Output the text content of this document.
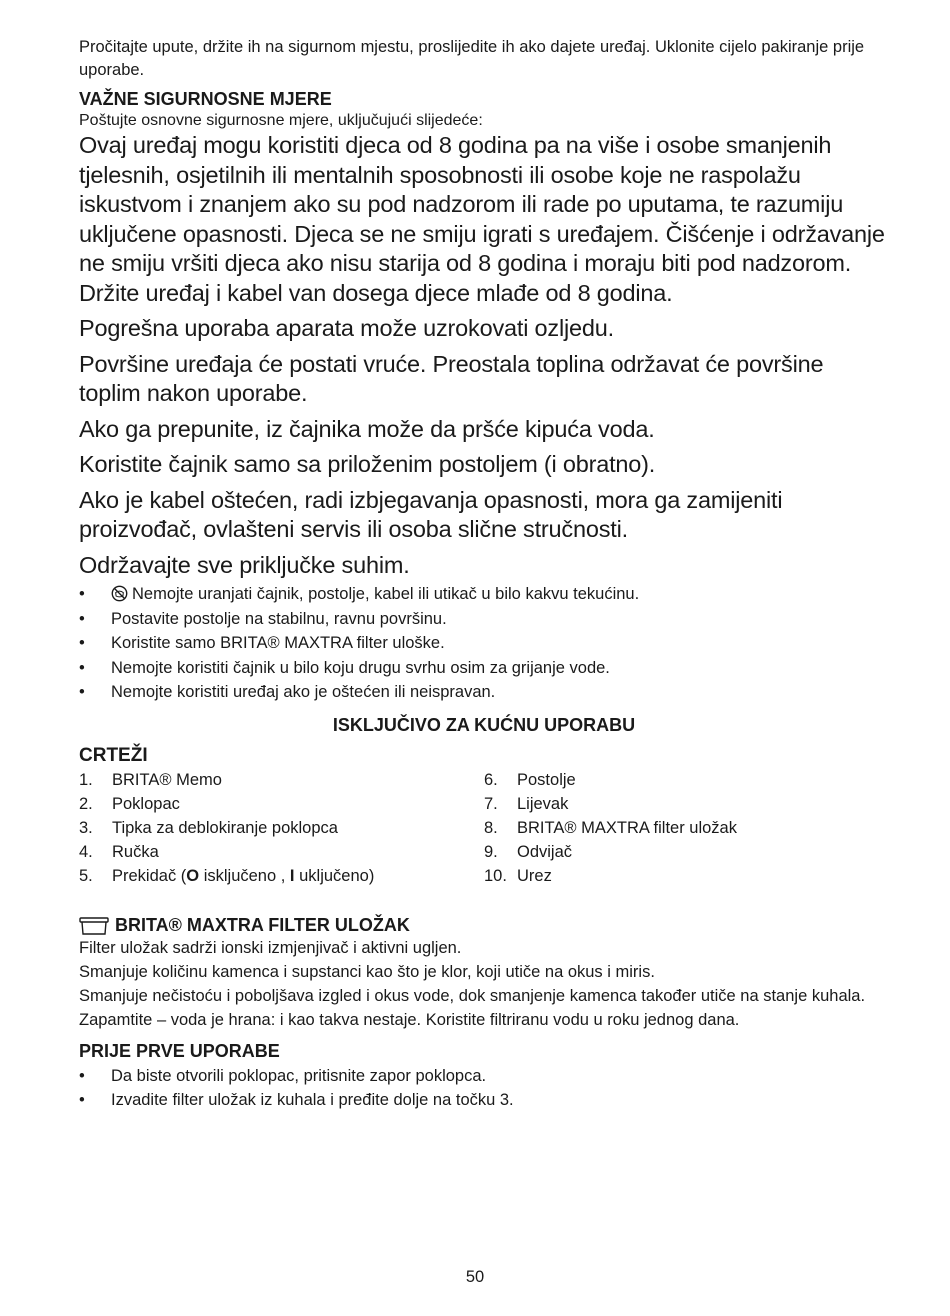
Pročitajte upute, držite ih na sigurnom mjestu, proslijedite ih ako dajete uređaj. Uklonite cijelo pakiranje prije uporabe.

VAŽNE SIGURNOSNE MJERE

Poštujte osnovne sigurnosne mjere, uključujući slijedeće:

Ovaj uređaj mogu koristiti djeca od 8 godina pa na više i osobe smanjenih tjelesnih, osjetilnih ili mentalnih sposobnosti ili osobe koje ne raspolažu iskustvom i znanjem ako su pod nadzorom ili rade po uputama, te razumiju uključene opasnosti. Djeca se ne smiju igrati s uređajem. Čišćenje i održavanje ne smiju vršiti djeca ako nisu starija od 8 godina i moraju biti pod nadzorom. Držite uređaj i kabel van dosega djece mlađe od 8 godina.

Pogrešna uporaba aparata može uzrokovati ozljedu.

Površine uređaja će postati vruće. Preostala toplina održavat će površine toplim nakon uporabe.

Ako ga prepunite, iz čajnika može da pršće kipuća voda.

Koristite čajnik samo sa priloženim postoljem (i obratno).

Ako je kabel oštećen, radi izbjegavanja opasnosti, mora ga zamijeniti proizvođač, ovlašteni servis ili osoba slične stručnosti.

Održavajte sve priključke suhim.

•	Nemojte uranjati čajnik, postolje, kabel ili utikač u bilo kakvu tekućinu.
• Postavite postolje na stabilnu, ravnu površinu.
• Koristite samo BRITA® MAXTRA filter uloške.
• Nemojte koristiti čajnik u bilo koju drugu svrhu osim za grijanje vode.
• Nemojte koristiti uređaj ako je oštećen ili neispravan.

ISKLJUČIVO ZA KUĆNU UPORABU

CRTEŽI

1. BRITA® Memo
2. Poklopac
3. Tipka za deblokiranje poklopca
4. Ručka
5. Prekidač (O isključeno , I uključeno)
6. Postolje
7. Lijevak
8. BRITA® MAXTRA filter uložak
9. Odvijač
10. Urez
BRITA® MAXTRA FILTER ULOŽAK

Filter uložak sadrži ionski izmjenjivač i aktivni ugljen.

Smanjuje količinu kamenca i supstanci kao što je klor, koji utiče na okus i miris.

Smanjuje nečistoću i poboljšava izgled i okus vode, dok smanjenje kamenca također utiče na stanje kuhala.

Zapamtite – voda je hrana: i kao takva nestaje. Koristite filtriranu vodu u roku jednog dana.

PRIJE PRVE UPORABE

• Da biste otvorili poklopac, pritisnite zapor poklopca.
• Izvadite filter uložak iz kuhala i pređite dolje na točku 3.
50
